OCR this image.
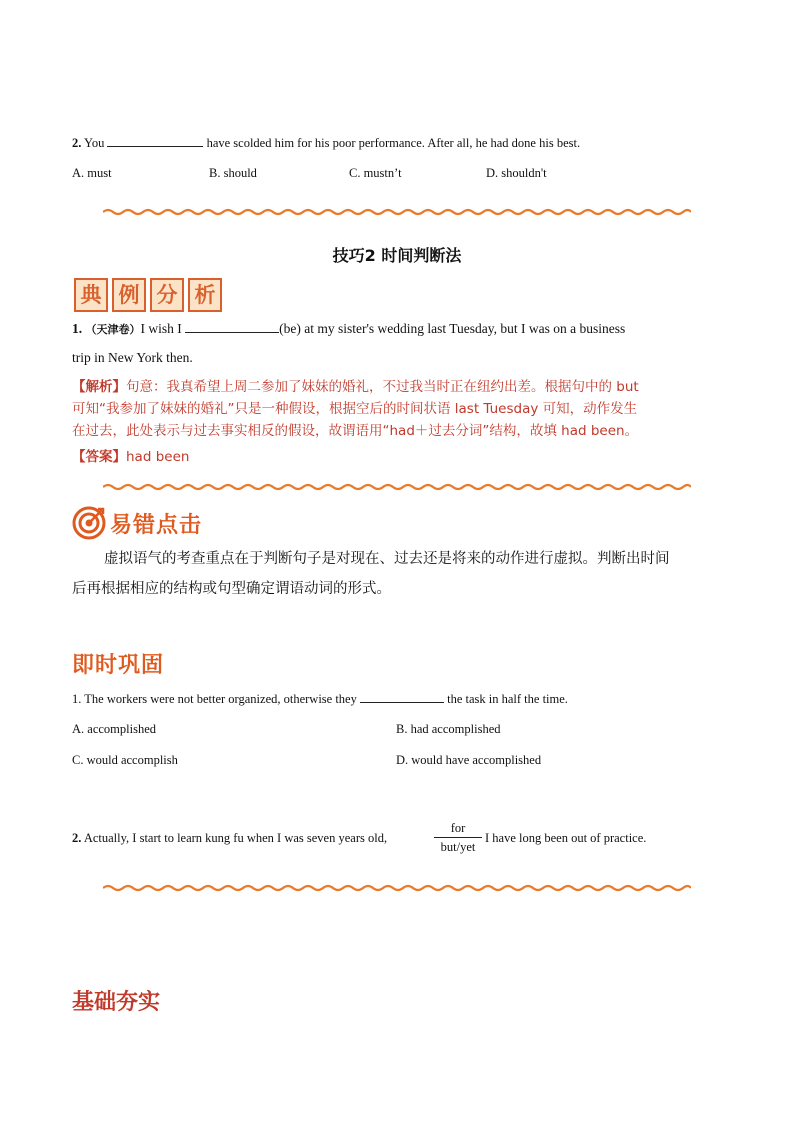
2. You	have scolded him for his poor performance. After all, he had done his best.
A. must	B. should	C. mustn’t	D. shouldn't
技巧2 时间判断法
典 例 分 析
1. （天津卷）I wish I	(be) at my sister's wedding last Tuesday, but I was on a business
trip in New York then.
【解析】句意：我真希望上周二参加了妹妹的婚礼，不过我当时正在纽约出差。根据句中的 but
可知“我参加了妹妹的婚礼”只是一种假设，根据空后的时间状语 last Tuesday 可知，动作发生
在过去，此处表示与过去事实相反的假设，故谓语用“had＋过去分词”结构，故填 had been。
【答案】had been
易错点击
虚拟语气的考查重点在于判断句子是对现在、过去还是将来的动作进行虚拟。判断出时间
后再根据相应的结构或句型确定谓语动词的形式。
即时巩固
1. The workers were not better organized, otherwise they	the task in half the time.
A. accomplished	B. had accomplished
C. would accomplish	D. would have accomplished
2. Actually, I start to learn kung fu when I was seven years old,
for
but/yet
I have long been out of practice.
基础夯实
